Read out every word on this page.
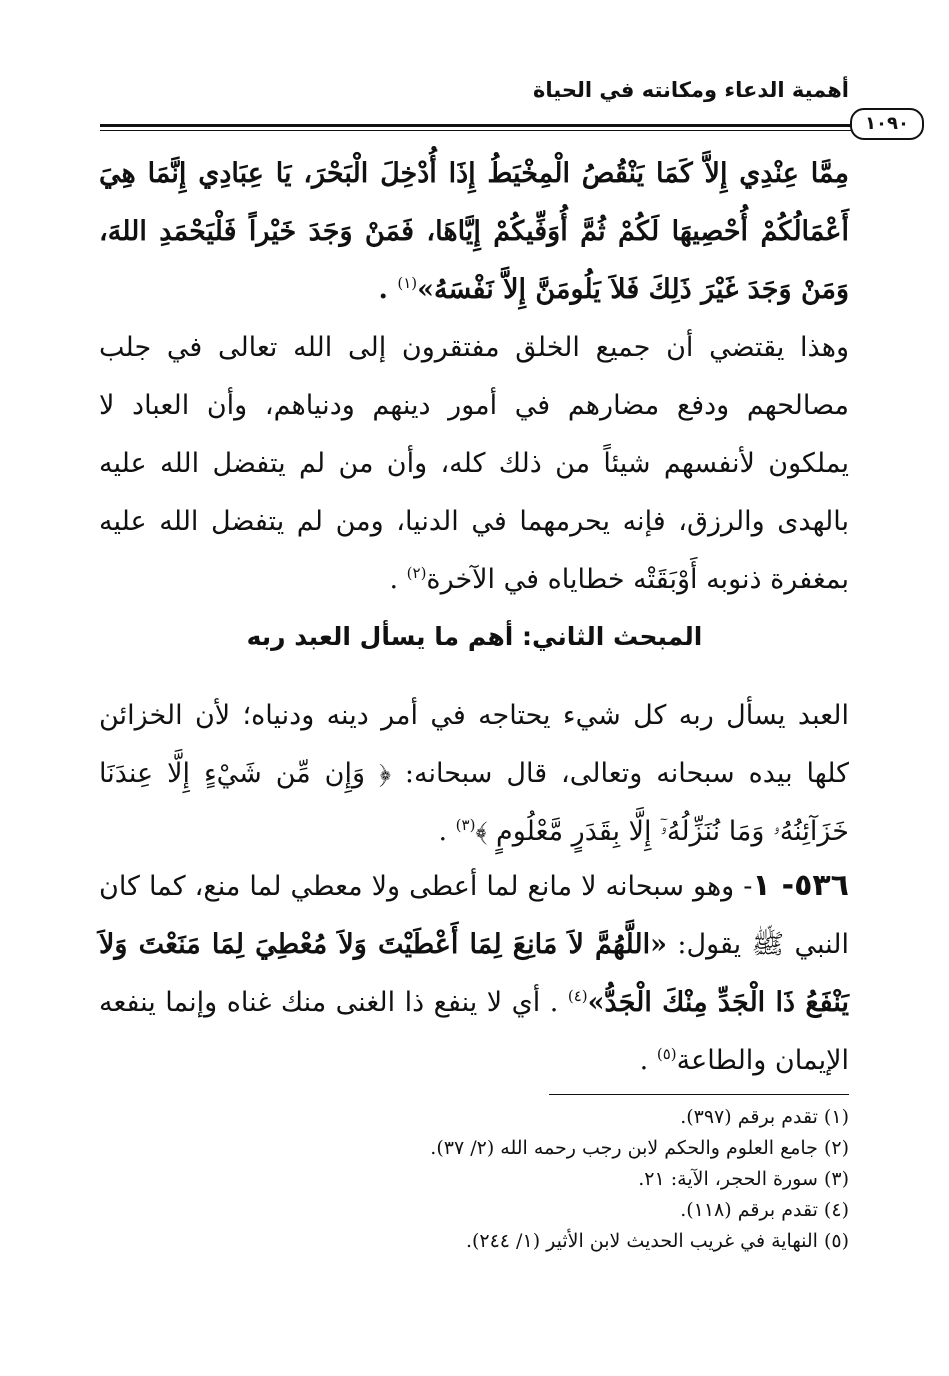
أهمية الدعاء ومكانته في الحياة
١٠٩٠
مِمَّا عِنْدِي إِلاَّ كَمَا يَنْقُصُ الْمِخْيَطُ إِذَا أُدْخِلَ الْبَحْرَ، يَا عِبَادِي إِنَّمَا هِيَ أَعْمَالُكُمْ أُحْصِيهَا لَكُمْ ثُمَّ أُوَفِّيكُمْ إِيَّاهَا، فَمَنْ وَجَدَ خَيْراً فَلْيَحْمَدِ اللهَ، وَمَنْ وَجَدَ غَيْرَ ذَلِكَ فَلاَ يَلُومَنَّ إِلاَّ نَفْسَهُ»$^{(١)}$ .
وهذا يقتضي أن جميع الخلق مفتقرون إلى الله تعالى في جلب مصالحهم ودفع مضارهم في أمور دينهم ودنياهم، وأن العباد لا يملكون لأنفسهم شيئاً من ذلك كله، وأن من لم يتفضل الله عليه بالهدى والرزق، فإنه يحرمهما في الدنيا، ومن لم يتفضل الله عليه بمغفرة ذنوبه أَوْبَقَتْه خطاياه في الآخرة$^{(٢)}$ .
المبحث الثاني: أهم ما يسأل العبد ربه
العبد يسأل ربه كل شيء يحتاجه في أمر دينه ودنياه؛ لأن الخزائن كلها بيده سبحانه وتعالى، قال سبحانه: ﴿ وَإِن مِّن شَيْءٍ إِلَّا عِندَنَا خَزَآئِنُهُۥ وَمَا نُنَزِّلُهُۥٓ إِلَّا بِقَدَرٍ مَّعْلُومٍ ﴾$^{(٣)}$ .
٥٣٦- ١- وهو سبحانه لا مانع لما أعطى ولا معطي لما منع، كما كان النبي ﷺ يقول: «اللَّهُمَّ لاَ مَانِعَ لِمَا أَعْطَيْتَ وَلاَ مُعْطِيَ لِمَا مَنَعْتَ وَلاَ يَنْفَعُ ذَا الْجَدِّ مِنْكَ الْجَدُّ»$^{(٤)}$ . أي لا ينفع ذا الغنى منك غناه وإنما ينفعه الإيمان والطاعة$^{(٥)}$ .
(١) تقدم برقم (٣٩٧).
(٢) جامع العلوم والحكم لابن رجب رحمه الله (٢/ ٣٧).
(٣) سورة الحجر، الآية: ٢١.
(٤) تقدم برقم (١١٨).
(٥) النهاية في غريب الحديث لابن الأثير (١/ ٢٤٤).
